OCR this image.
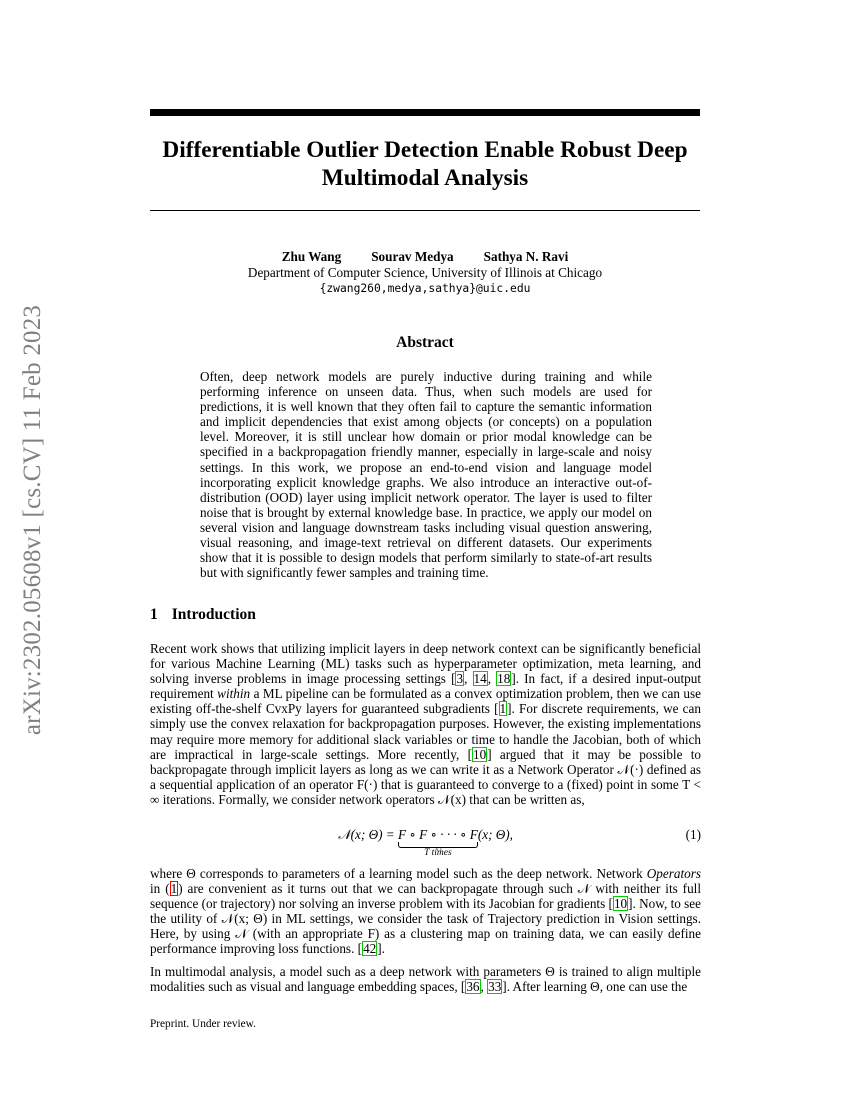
arXiv:2302.05608v1 [cs.CV] 11 Feb 2023
Differentiable Outlier Detection Enable Robust Deep
Multimodal Analysis
Zhu Wang Sourav Medya Sathya N. Ravi
Department of Computer Science, University of Illinois at Chicago
{zwang260,medya,sathya}@uic.edu
Abstract

Often, deep network models are purely inductive during training and while performing inference on unseen data. Thus, when such models are used for predictions, it is well known that they often fail to capture the semantic information and implicit dependencies that exist among objects (or concepts) on a population level. Moreover, it is still unclear how domain or prior modal knowledge can be specified in a backpropagation friendly manner, especially in large-scale and noisy settings. In this work, we propose an end-to-end vision and language model incorporating explicit knowledge graphs. We also introduce an interactive out-of-distribution (OOD) layer using implicit network operator. The layer is used to filter noise that is brought by external knowledge base. In practice, we apply our model on several vision and language downstream tasks including visual question answering, visual reasoning, and image-text retrieval on different datasets. Our experiments show that it is possible to design models that perform similarly to state-of-art results but with significantly fewer samples and training time.

1 Introduction

Recent work shows that utilizing implicit layers in deep network context can be significantly beneficial for various Machine Learning (ML) tasks such as hyperparameter optimization, meta learning, and solving inverse problems in image processing settings [3, 14, 18]. In fact, if a desired input-output requirement within a ML pipeline can be formulated as a convex optimization problem, then we can use existing off-the-shelf CvxPy layers for guaranteed subgradients [1]. For discrete requirements, we can simply use the convex relaxation for backpropagation purposes. However, the existing implementations may require more memory for additional slack variables or time to handle the Jacobian, both of which are impractical in large-scale settings. More recently, [10] argued that it may be possible to backpropagate through implicit layers as long as we can write it as a Network Operator 𝒩(·) defined as a sequential application of an operator F(·) that is guaranteed to converge to a (fixed) point in some T < ∞ iterations. Formally, we consider network operators 𝒩(x) that can be written as,

𝒩(x; Θ) = F ∘ F ∘ · · · ∘ F
T times
(x; Θ),	(1)

where Θ corresponds to parameters of a learning model such as the deep network. Network Operators in (1) are convenient as it turns out that we can backpropagate through such 𝒩 with neither its full sequence (or trajectory) nor solving an inverse problem with its Jacobian for gradients [10]. Now, to see the utility of 𝒩(x; Θ) in ML settings, we consider the task of Trajectory prediction in Vision settings. Here, by using 𝒩 (with an appropriate F) as a clustering map on training data, we can easily define performance improving loss functions. [42].

In multimodal analysis, a model such as a deep network with parameters Θ is trained to align multiple modalities such as visual and language embedding spaces, [36, 33]. After learning Θ, one can use the

Preprint. Under review.
